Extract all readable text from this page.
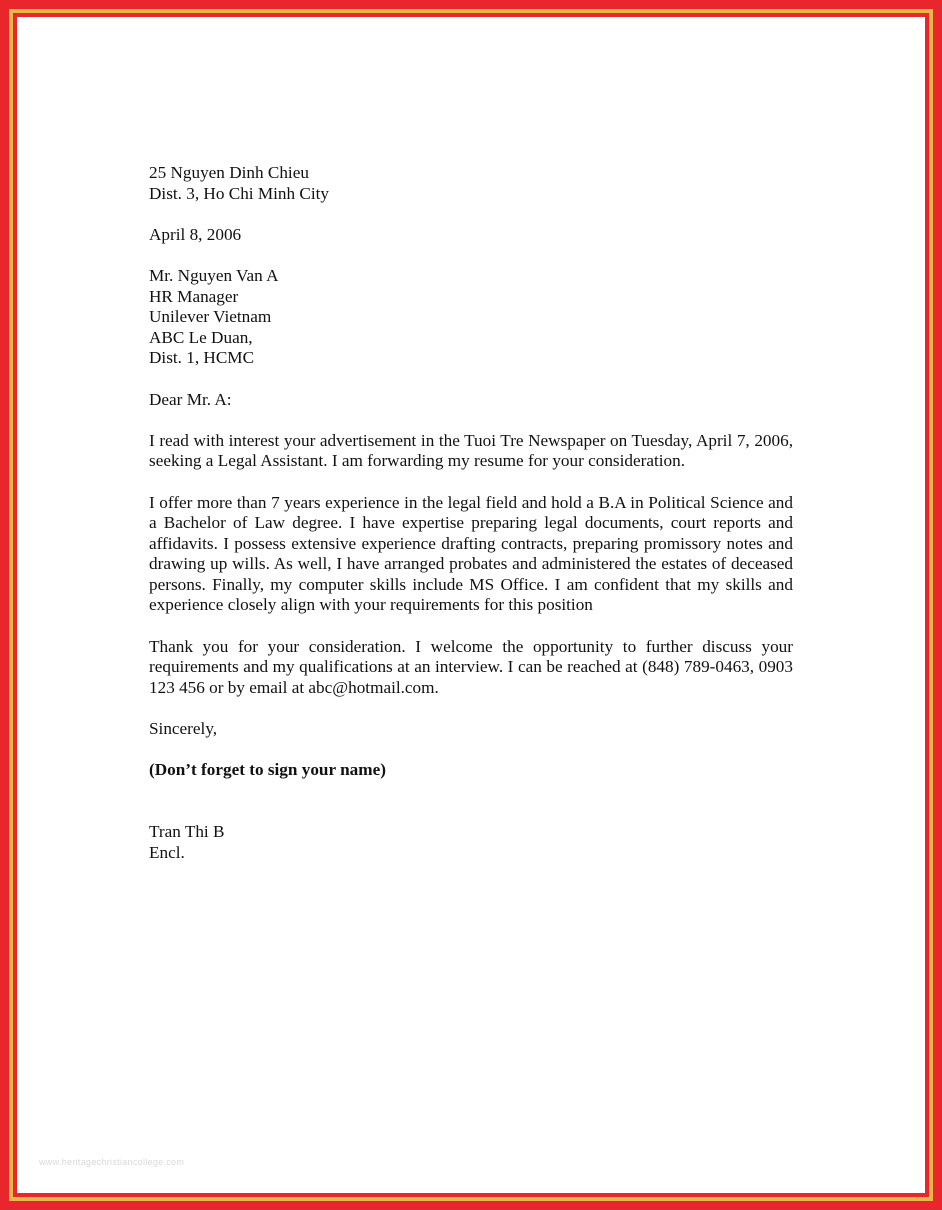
25 Nguyen Dinh Chieu
Dist. 3, Ho Chi Minh City
April 8, 2006
Mr. Nguyen Van A
HR Manager
Unilever Vietnam
ABC Le Duan,
Dist. 1, HCMC
Dear Mr. A:
I read with interest your advertisement in the Tuoi Tre Newspaper on Tuesday, April 7, 2006, seeking a Legal Assistant. I am forwarding my resume for your consideration.
I offer more than 7 years experience in the legal field and hold a B.A in Political Science and a Bachelor of Law degree. I have expertise preparing legal documents, court reports and affidavits. I possess extensive experience drafting contracts, preparing promissory notes and drawing up wills. As well, I have arranged probates and administered the estates of deceased persons. Finally, my computer skills include MS Office. I am confident that my skills and experience closely align with your requirements for this position
Thank you for your consideration. I welcome the opportunity to further discuss your requirements and my qualifications at an interview. I can be reached at (848) 789-0463, 0903 123 456 or by email at abc@hotmail.com.
Sincerely,
(Don’t forget to sign your name)
Tran Thi B
Encl.
www.heritagechristiancollege.com
